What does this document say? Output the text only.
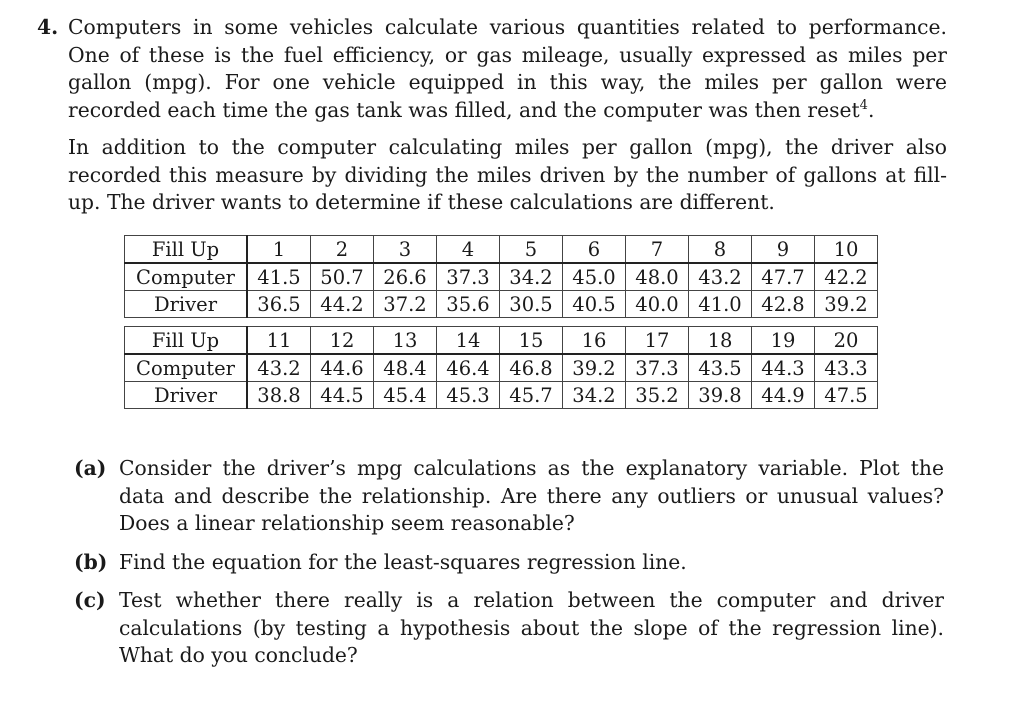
4. Computers in some vehicles calculate various quantities related to performance. One of these is the fuel efficiency, or gas mileage, usually expressed as miles per gallon (mpg). For one vehicle equipped in this way, the miles per gallon were recorded each time the gas tank was filled, and the computer was then reset$^4$.

In addition to the computer calculating miles per gallon (mpg), the driver also recorded this measure by dividing the miles driven by the number of gallons at fill-up. The driver wants to determine if these calculations are different.

Fill Up	1	2	3	4	5	6	7	8	9	10
Computer	41.5	50.7	26.6	37.3	34.2	45.0	48.0	43.2	47.7	42.2
Driver	36.5	44.2	37.2	35.6	30.5	40.5	40.0	41.0	42.8	39.2
Fill Up	11	12	13	14	15	16	17	18	19	20
Computer	43.2	44.6	48.4	46.4	46.8	39.2	37.3	43.5	44.3	43.3
Driver	38.8	44.5	45.4	45.3	45.7	34.2	35.2	39.8	44.9	47.5
(a) Consider the driver’s mpg calculations as the explanatory variable. Plot the data and describe the relationship. Are there any outliers or unusual values? Does a linear relationship seem reasonable?
(b) Find the equation for the least-squares regression line.
(c) Test whether there really is a relation between the computer and driver calculations (by testing a hypothesis about the slope of the regression line). What do you conclude?
